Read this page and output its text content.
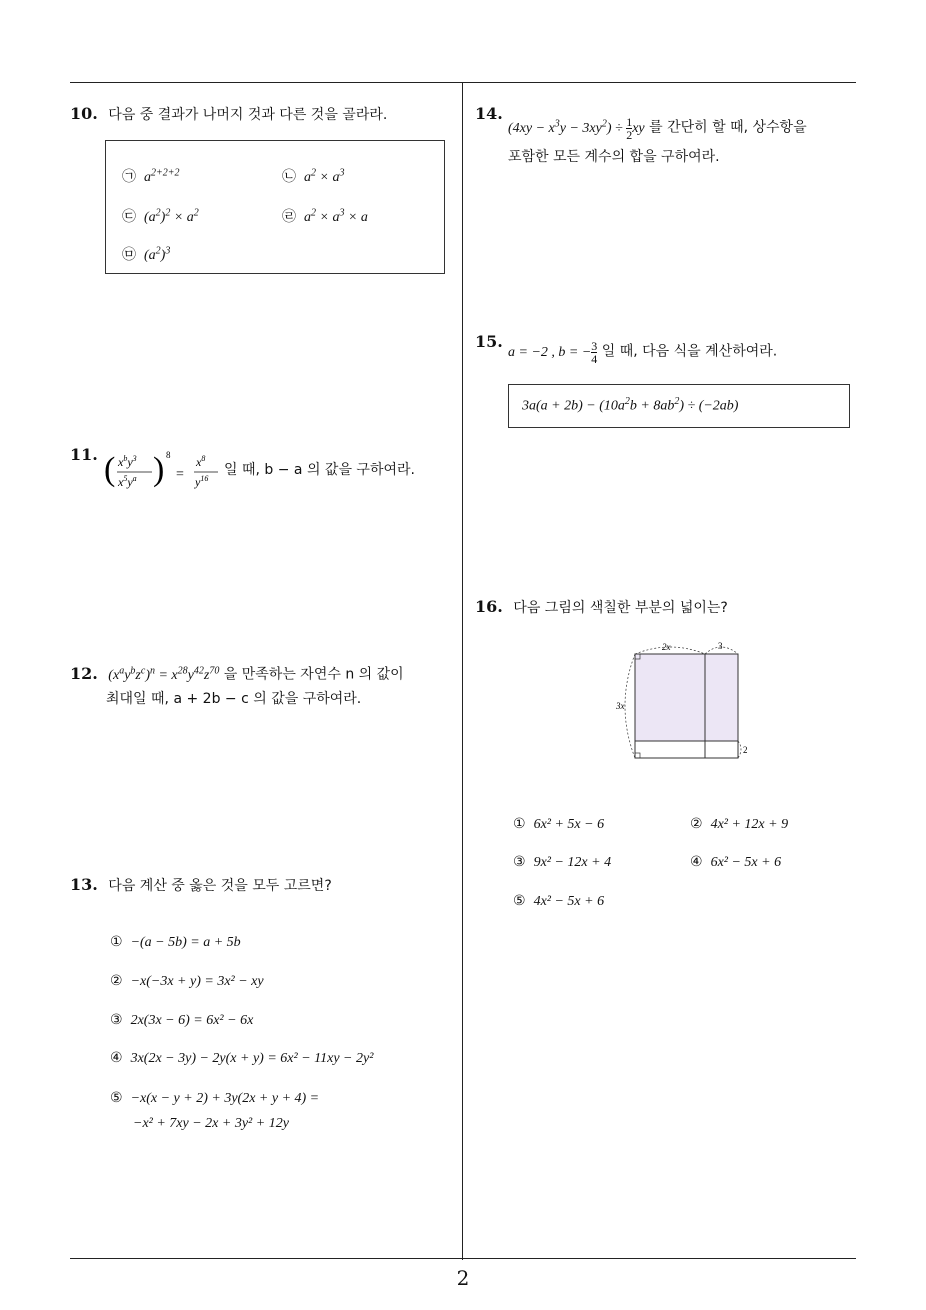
10. 다음 중 결과가 나머지 것과 다른 것을 골라라.
㉠ $a^{2+2+2}$	㉡ $a^2 \times a^3$
㉢ $(a^2)^2 \times a^2$	㉣ $a^2 \times a^3 \times a$
㉤ $(a^2)^3$
11. ( $x^by^3$
$x^5y^a$ ) 8
=
$x^8$
$y^{16}$
일 때, b − a 의 값을 구하여라.
12. $(x^ay^bz^c)^n = x^{28}y^{42}z^{70}$ 을 만족하는 자연수 n 의 값이
최대일 때, a + 2b − c 의 값을 구하여라.
13. 다음 계산 중 옳은 것을 모두 고르면?
① −(a − 5b) = a + 5b
② −x(−3x + y) = 3x² − xy
③ 2x(3x − 6) = 6x² − 6x
④ 3x(2x − 3y) − 2y(x + y) = 6x² − 11xy − 2y²
⑤ −x(x − y + 2) + 3y(2x + y + 4) =
−x² + 7xy − 2x + 3y² + 12y
14.
$(4xy - x^3y - 3xy^2) \div \frac{1}{2}$ xy 를 간단히 할 때, 상수항을
포함한 모든 계수의 합을 구하여라.
15.
a = −2 , b = − $\frac{3}{4}$ 일 때, 다음 식을 계산하여라.
$3a(a + 2b) - (10a^2b + 8ab^2) \div (-2ab)$
16. 다음 그림의 색칠한 부분의 넓이는?
2x	3
3x
2
① 6x² + 5x − 6	② 4x² + 12x + 9
③ 9x² − 12x + 4	④ 6x² − 5x + 6
⑤ 4x² − 5x + 6
2
